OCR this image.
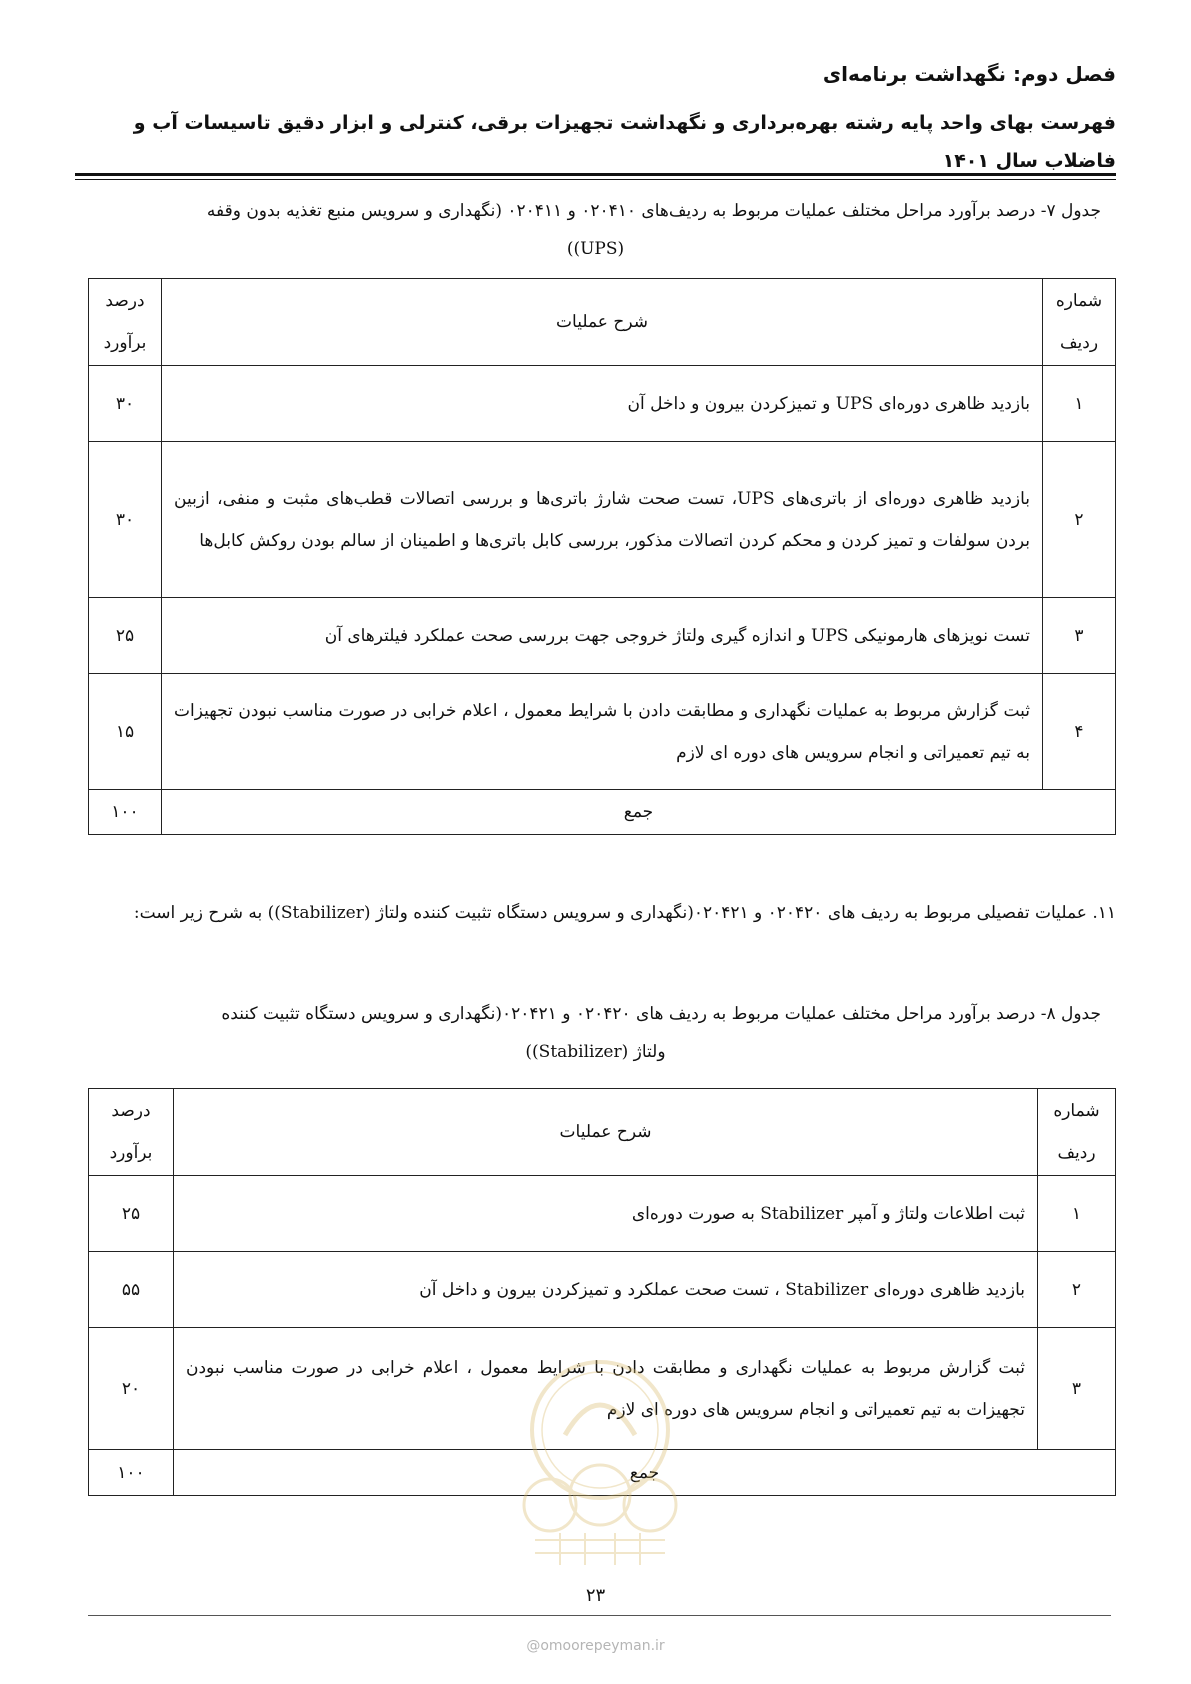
فصل دوم: نگهداشت برنامه‌ای
فهرست بهای واحد پایه رشته بهره‌برداری و نگهداشت تجهیزات برقی، کنترلی و ابزار دقیق تاسیسات آب و فاضلاب سال ۱۴۰۱
جدول ۷- درصد برآورد مراحل مختلف عملیات مربوط به ردیف‌های ۰۲۰۴۱۰ و ۰۲۰۴۱۱ (نگهداری و سرویس منبع تغذیه بدون وقفه
(UPS))
شماره ردیف	شرح عملیات	درصد برآورد
۱	بازدید ظاهری دوره‌ای UPS و تمیزکردن بیرون و داخل آن	۳۰
۲	بازدید ظاهری دوره‌ای از باتری‌های UPS، تست صحت شارژ باتری‌ها و بررسی اتصالات قطب‌های مثبت و منفی، ازبین بردن سولفات و تمیز کردن و محکم کردن اتصالات مذکور، بررسی کابل باتری‌ها و اطمینان از سالم بودن روکش کابل‌ها	۳۰
۳	تست نویزهای هارمونیکی UPS و اندازه گیری ولتاژ خروجی جهت بررسی صحت عملکرد فیلترهای آن	۲۵
۴	ثبت گزارش مربوط به عملیات نگهداری و مطابقت دادن با شرایط معمول ، اعلام خرابی در صورت مناسب نبودن تجهیزات به تیم تعمیراتی و انجام سرویس های دوره ای لازم	۱۵
جمع		۱۰۰
۱۱. عملیات تفصیلی مربوط به ردیف های ۰۲۰۴۲۰ و ۰۲۰۴۲۱(نگهداری و سرویس دستگاه تثبیت کننده ولتاژ (Stabilizer)) به شرح زیر است:
جدول ۸- درصد برآورد مراحل مختلف عملیات مربوط به ردیف های ۰۲۰۴۲۰ و ۰۲۰۴۲۱(نگهداری و سرویس دستگاه تثبیت کننده
ولتاژ (Stabilizer))
شماره ردیف	شرح عملیات	درصد برآورد
۱	ثبت اطلاعات ولتاژ و آمپر Stabilizer به صورت دوره‌ای	۲۵
۲	بازدید ظاهری دوره‌ای Stabilizer ، تست صحت عملکرد و تمیزکردن بیرون و داخل آن	۵۵
۳	ثبت گزارش مربوط به عملیات نگهداری و مطابقت دادن با شرایط معمول ، اعلام خرابی در صورت مناسب نبودن تجهیزات به تیم تعمیراتی و انجام سرویس های دوره ای لازم	۲۰
جمع		۱۰۰
۲۳
@omoorepeyman.ir
